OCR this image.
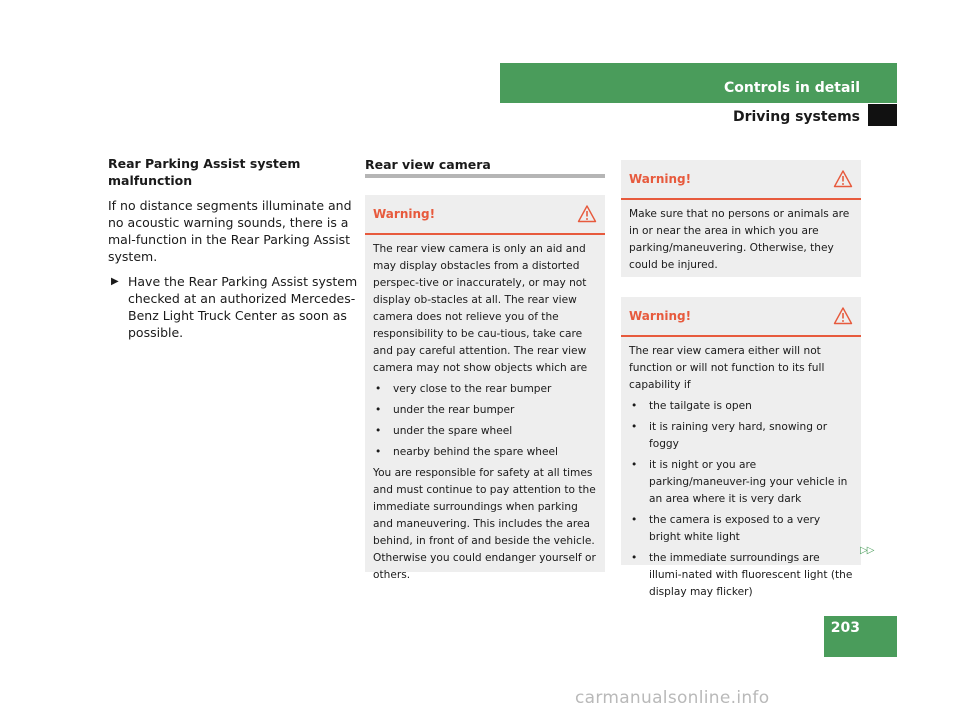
Controls in detail
Driving systems
Rear Parking Assist system malfunction

If no distance segments illuminate and no acoustic warning sounds, there is a mal-function in the Rear Parking Assist system.

▶ Have the Rear Parking Assist system checked at an authorized Mercedes-Benz Light Truck Center as soon as possible.
Rear view camera
Warning!

The rear view camera is only an aid and may display obstacles from a distorted perspec-tive or inaccurately, or may not display ob-stacles at all. The rear view camera does not relieve you of the responsibility to be cau-tious, take care and pay careful attention. The rear view camera may not show objects which are

• very close to the rear bumper
• under the rear bumper
• under the spare wheel
• nearby behind the spare wheel

You are responsible for safety at all times and must continue to pay attention to the immediate surroundings when parking and maneuvering. This includes the area behind, in front of and beside the vehicle. Otherwise you could endanger yourself or others.

Warning!

Make sure that no persons or animals are in or near the area in which you are parking/maneuvering. Otherwise, they could be injured.

Warning!

The rear view camera either will not function or will not function to its full capability if

• the tailgate is open
• it is raining very hard, snowing or foggy
• it is night or you are parking/maneuver-ing your vehicle in an area where it is very dark
• the camera is exposed to a very bright white light
• the immediate surroundings are illumi-nated with fluorescent light (the display may flicker)
▷▷
203
carmanualsonline.info
